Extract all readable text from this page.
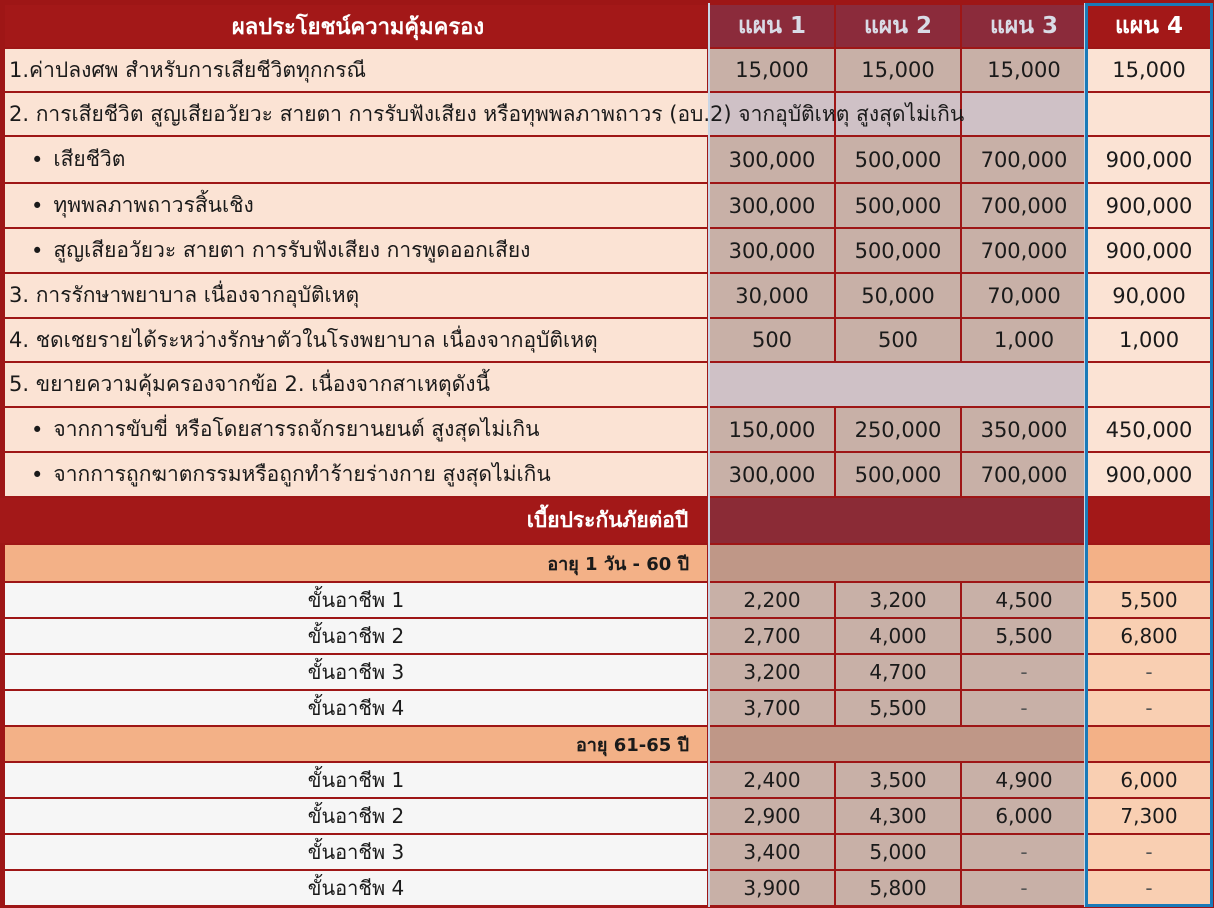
ผลประโยชน์ความคุ้มครอง	แผน 1	แผน 2	แผน 3	แผน 4
1.ค่าปลงศพ สำหรับการเสียชีวิตทุกกรณี	15,000	15,000	15,000	15,000
2. การเสียชีวิต สูญเสียอวัยวะ สายตา การรับฟังเสียง หรือทุพพลภาพถาวร (อบ.2) จากอุบัติเหตุ สูงสุดไม่เกิน
• เสียชีวิต	300,000	500,000	700,000	900,000
• ทุพพลภาพถาวรสิ้นเชิง	300,000	500,000	700,000	900,000
• สูญเสียอวัยวะ สายตา การรับฟังเสียง การพูดออกเสียง	300,000	500,000	700,000	900,000
3. การรักษาพยาบาล เนื่องจากอุบัติเหตุ	30,000	50,000	70,000	90,000
4. ชดเชยรายได้ระหว่างรักษาตัวในโรงพยาบาล เนื่องจากอุบัติเหตุ	500	500	1,000	1,000
5. ขยายความคุ้มครองจากข้อ 2. เนื่องจากสาเหตุดังนี้
• จากการขับขี่ หรือโดยสารรถจักรยานยนต์ สูงสุดไม่เกิน	150,000	250,000	350,000	450,000
• จากการถูกฆาตกรรมหรือถูกทำร้ายร่างกาย สูงสุดไม่เกิน	300,000	500,000	700,000	900,000
เบี้ยประกันภัยต่อปี
อายุ 1 วัน - 60 ปี
ขั้นอาชีพ 1	2,200	3,200	4,500	5,500
ขั้นอาชีพ 2	2,700	4,000	5,500	6,800
ขั้นอาชีพ 3	3,200	4,700	-	-
ขั้นอาชีพ 4	3,700	5,500	-	-
อายุ 61-65 ปี
ขั้นอาชีพ 1	2,400	3,500	4,900	6,000
ขั้นอาชีพ 2	2,900	4,300	6,000	7,300
ขั้นอาชีพ 3	3,400	5,000	-	-
ขั้นอาชีพ 4	3,900	5,800	-	-
